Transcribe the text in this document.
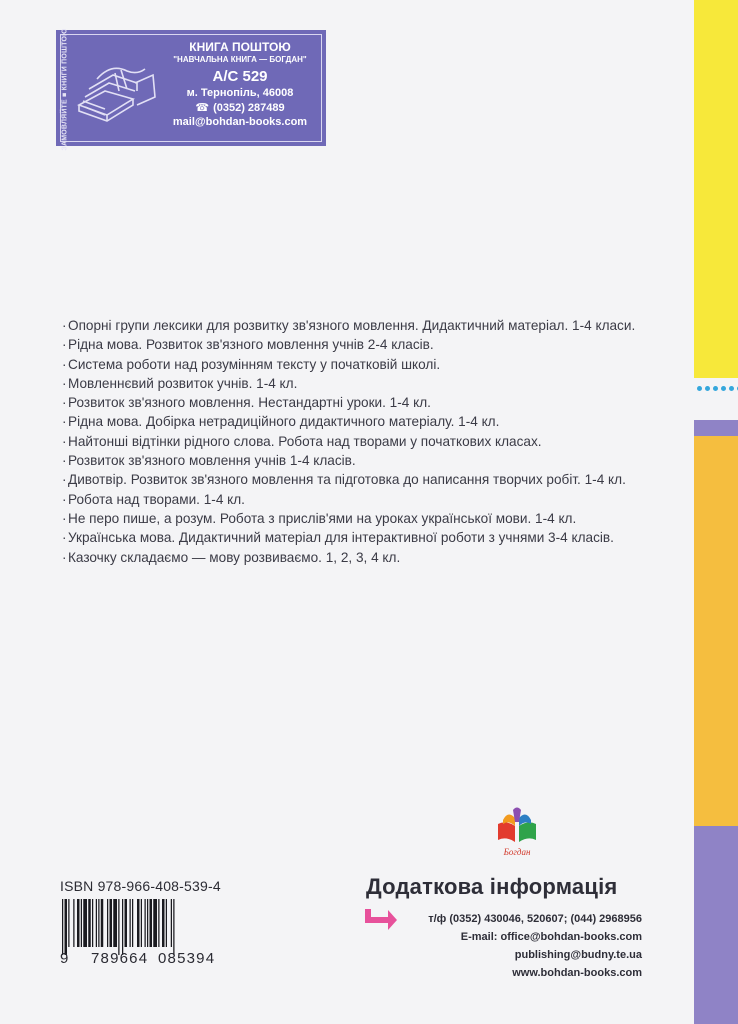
ЗАМОВЛЯЙТЕ ■ КНИГИ ПОШТОЮ	КНИГА ПОШТОЮ
"НАВЧАЛЬНА КНИГА — БОГДАН"
А/С 529
м. Тернопіль, 46008
☎ (0352) 287489
mail@bohdan-books.com
·Опорні групи лексики для розвитку зв'язного мовлення. Дидактичний матеріал. 1-4 класи.
·Рідна мова. Розвиток зв'язного мовлення учнів 2-4 класів.
·Система роботи над розумінням тексту у початковій школі.
·Мовленнєвий розвиток учнів. 1-4 кл.
·Розвиток зв'язного мовлення. Нестандартні уроки. 1-4 кл.
·Рідна мова. Добірка нетрадиційного дидактичного матеріалу. 1-4 кл.
·Найтонші відтінки рідного слова. Робота над творами у початкових класах.
·Розвиток зв'язного мовлення учнів 1-4 класів.
·Дивотвір. Розвиток зв'язного мовлення та підготовка до написання творчих робіт. 1-4 кл.
·Робота над творами. 1-4 кл.
·Не перо пише, а розум. Робота з прислів'ями на уроках української мови. 1-4 кл.
·Українська мова. Дидактичний матеріал для інтерактивної роботи з учнями 3-4 класів.
·Казочку складаємо — мову розвиваємо. 1, 2, 3, 4 кл.
Богдан
ISBN 978-966-408-539-4
9 789664 085394
Додаткова інформація
т/ф (0352) 430046, 520607; (044) 2968956
E-mail: office@bohdan-books.com
publishing@budny.te.ua
www.bohdan-books.com
